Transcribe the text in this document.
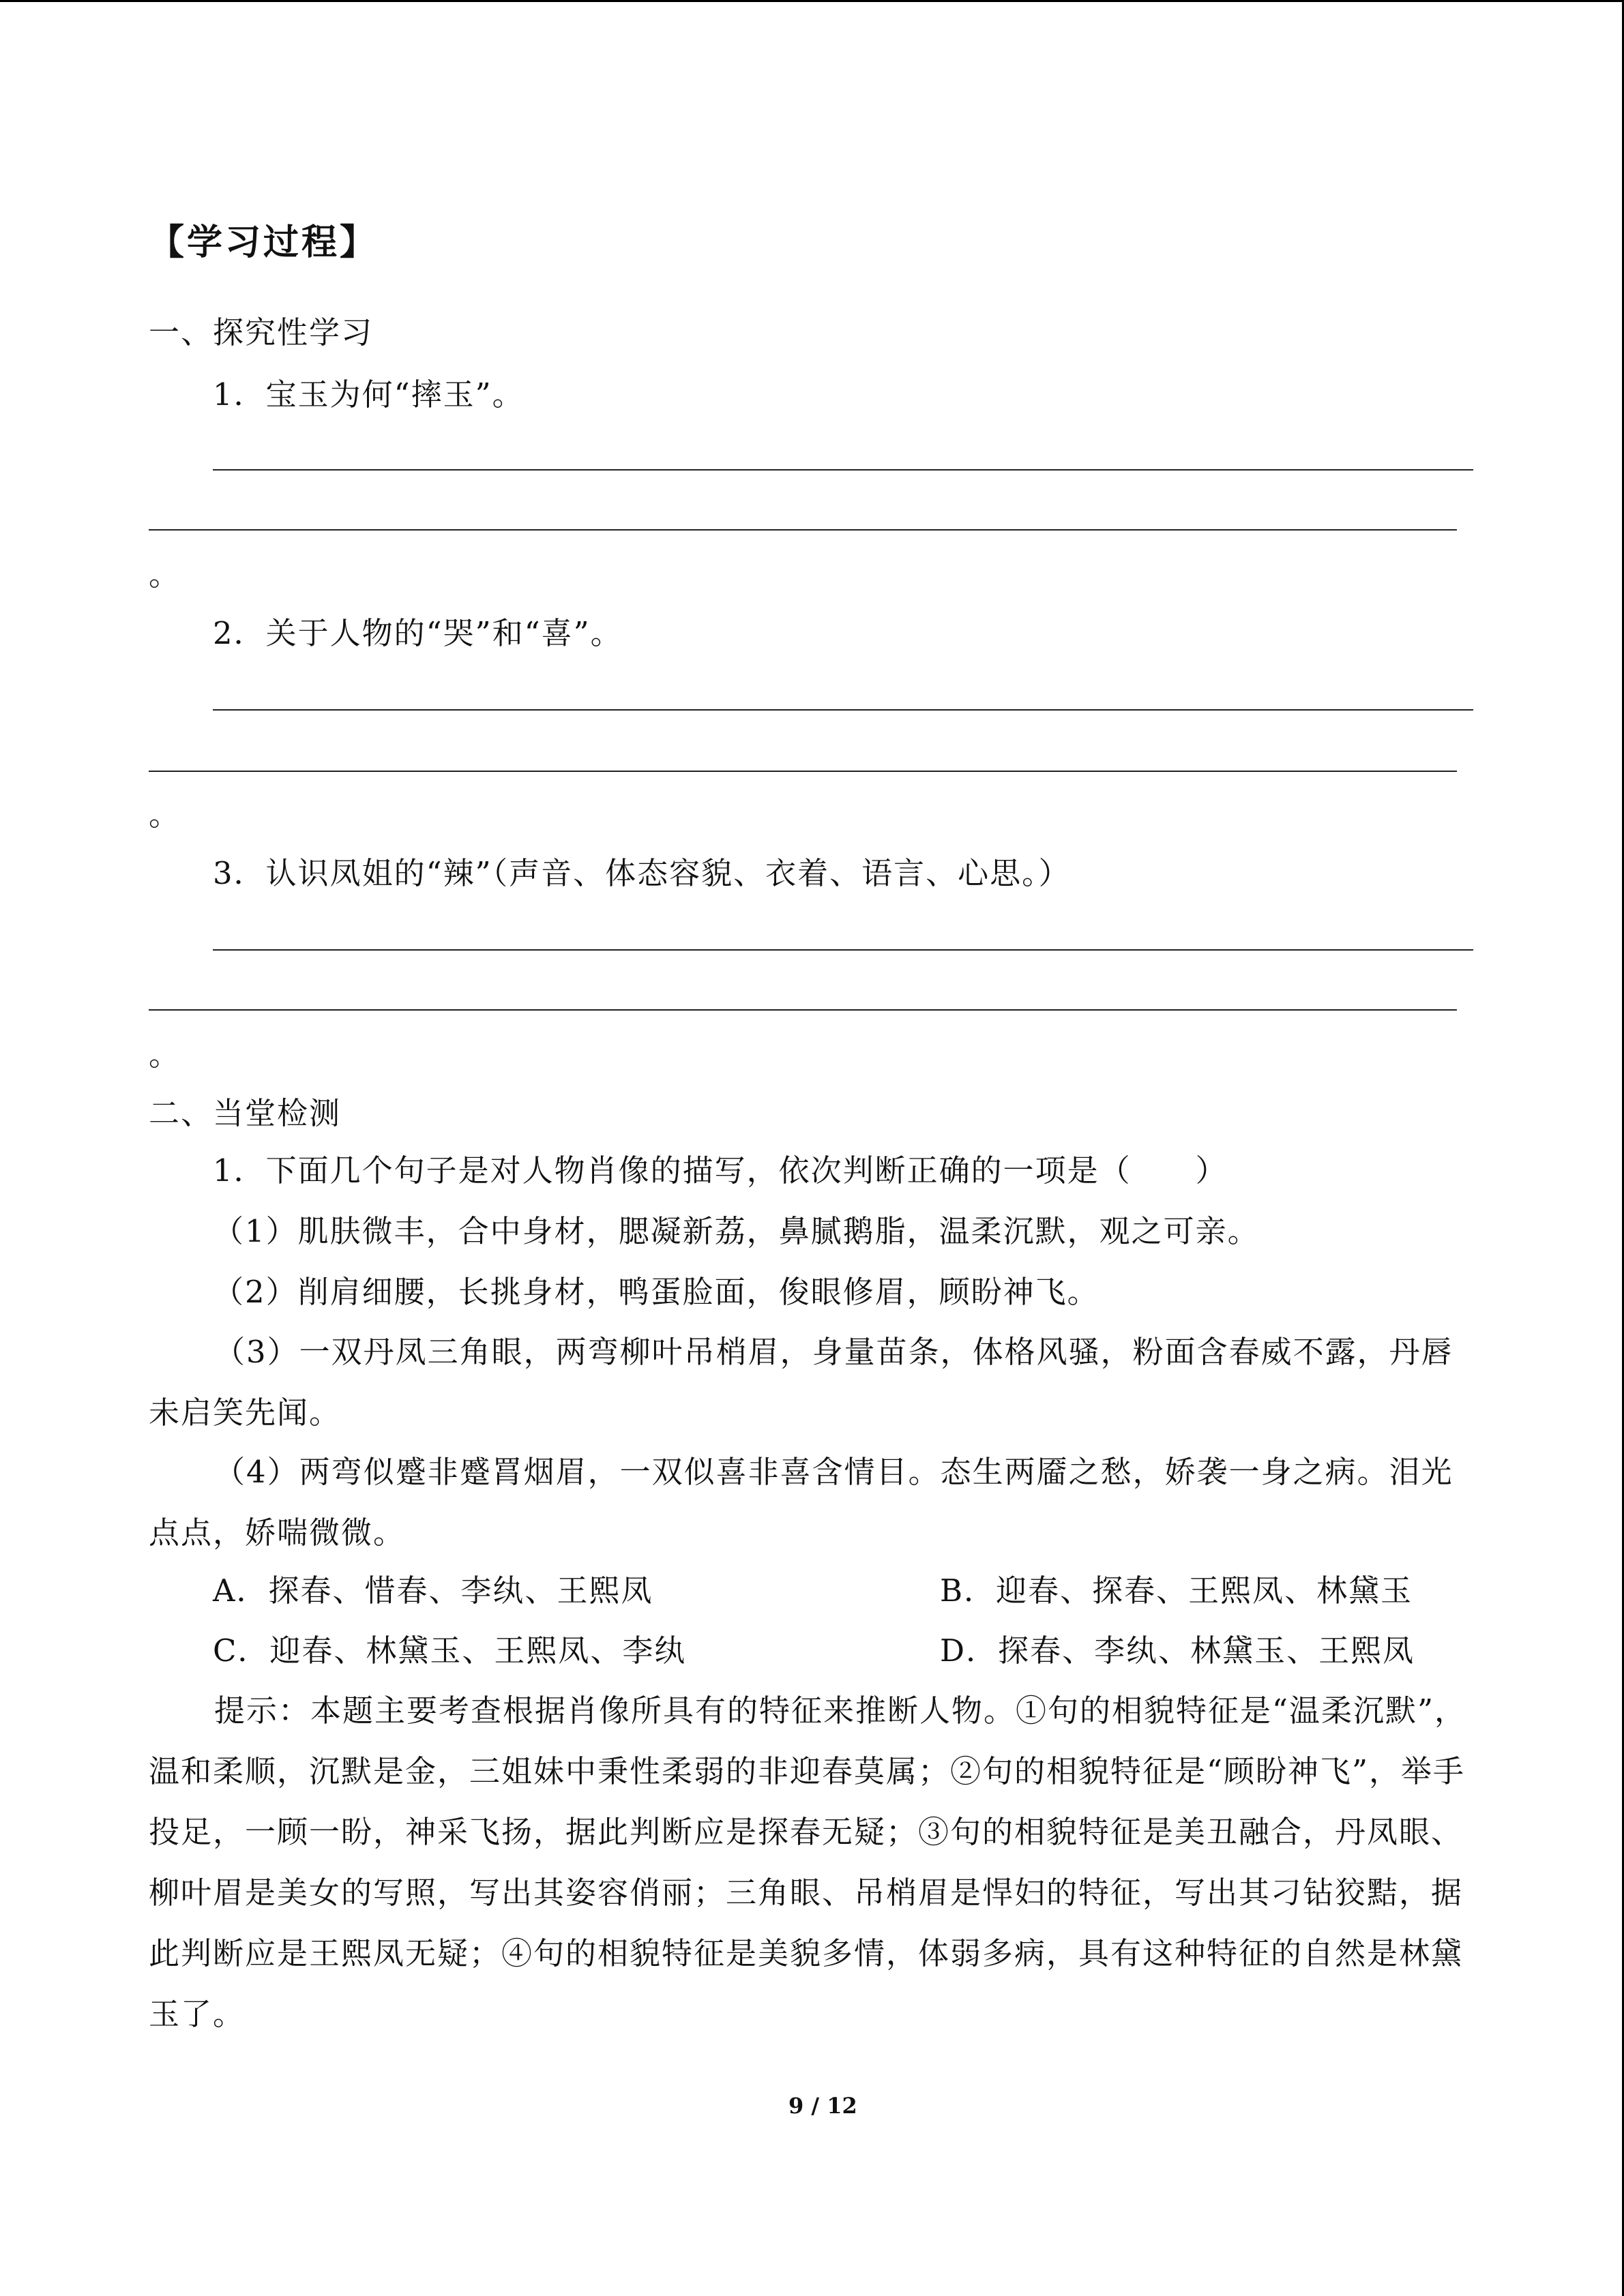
【学习过程】
一、探究性学习
1．宝玉为何“摔玉”。
。
2．关于人物的“哭”和“喜”。
。
3．认识凤姐的“辣”（声音、体态容貌、衣着、语言、心思。）
。
二、当堂检测
1．下面几个句子是对人物肖像的描写，依次判断正确的一项是（　　）
（1）肌肤微丰，合中身材，腮凝新荔，鼻腻鹅脂，温柔沉默，观之可亲。
（2）削肩细腰，长挑身材，鸭蛋脸面，俊眼修眉，顾盼神飞。
（3）一双丹凤三角眼，两弯柳叶吊梢眉，身量苗条，体格风骚，粉面含春威不露，丹唇未启笑先闻。
（4）两弯似蹙非蹙罥烟眉，一双似喜非喜含情目。态生两靥之愁，娇袭一身之病。泪光点点，娇喘微微。
A．探春、惜春、李纨、王熙凤	B．迎春、探春、王熙凤、林黛玉
C．迎春、林黛玉、王熙凤、李纨	D．探春、李纨、林黛玉、王熙凤
提示：本题主要考查根据肖像所具有的特征来推断人物。①句的相貌特征是“温柔沉默”，温和柔顺，沉默是金，三姐妹中秉性柔弱的非迎春莫属；②句的相貌特征是“顾盼神飞”，举手投足，一顾一盼，神采飞扬，据此判断应是探春无疑；③句的相貌特征是美丑融合，丹凤眼、柳叶眉是美女的写照，写出其姿容俏丽；三角眼、吊梢眉是悍妇的特征，写出其刁钻狡黠，据此判断应是王熙凤无疑；④句的相貌特征是美貌多情，体弱多病，具有这种特征的自然是林黛玉了。
9 / 12
